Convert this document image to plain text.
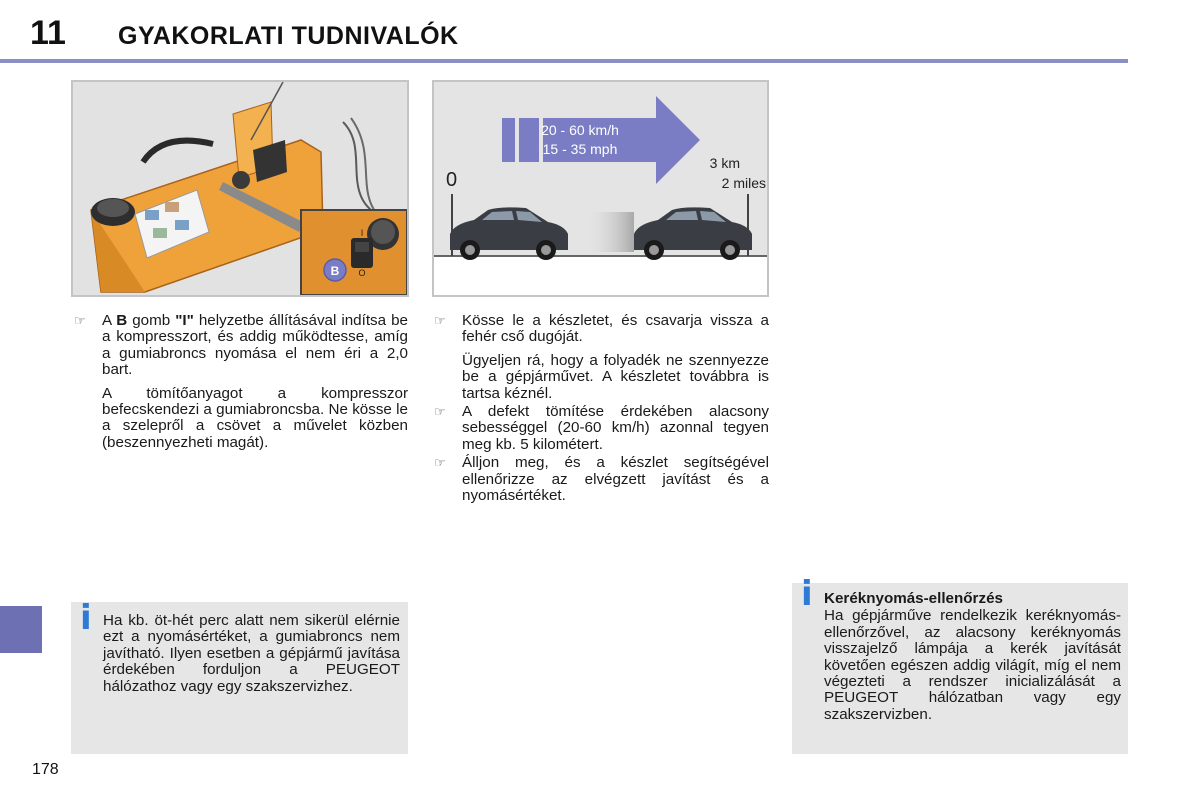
11 GYAKORLATI TUDNIVALÓK
I
O
B
20 - 60 km/h
15 - 35 mph
0
3 km
2 miles
☞ A B gomb "I" helyzetbe állításával indítsa be a kompresszort, és addig működtesse, amíg a gumiabroncs nyomása el nem éri a 2,0 bart.
A tömítőanyagot a kompresszor befecskendezi a gumiabroncsba. Ne kösse le a szelepről a csövet a művelet közben (beszennyezheti magát).
☞ Kösse le a készletet, és csavarja vissza a fehér cső dugóját.
Ügyeljen rá, hogy a folyadék ne szennyezze be a gépjárművet. A készletet továbbra is tartsa kéznél.
☞ A defekt tömítése érdekében alacsony sebességgel (20-60 km/h) azonnal tegyen meg kb. 5 kilométert.
☞ Álljon meg, és a készlet segítségével ellenőrizze az elvégzett javítást és a nyomásértéket.
i Ha kb. öt-hét perc alatt nem sikerül elérnie ezt a nyomásértéket, a gumiabroncs nem javítható. Ilyen esetben a gépjármű javítása érdekében forduljon a PEUGEOT hálózathoz vagy egy szakszervizhez.
i Keréknyomás-ellenőrzés
Ha gépjárműve rendelkezik keréknyomás-ellenőrzővel, az alacsony keréknyomás visszajelző lámpája a kerék javítását követően egészen addig világít, míg el nem végezteti a rendszer inicializálását a PEUGEOT hálózatban vagy egy szakszervizben.
178
